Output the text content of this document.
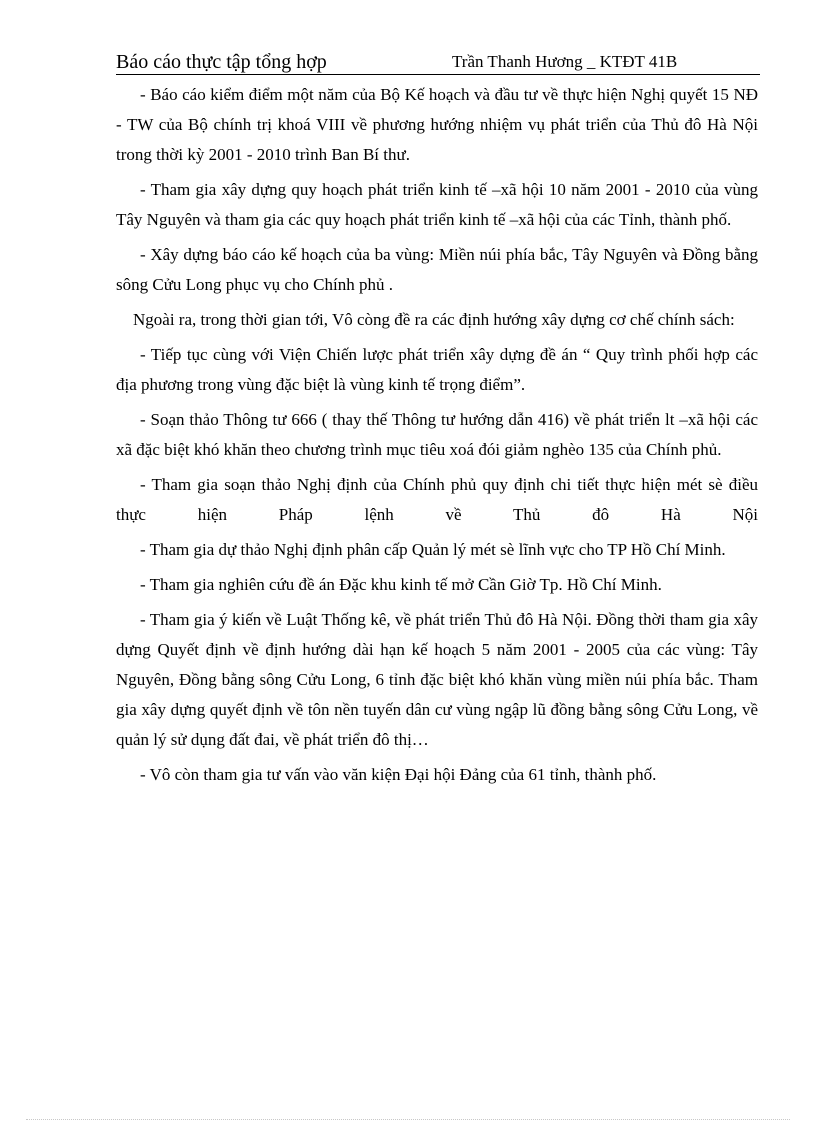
Báo cáo thực tập tổng hợp	Trần Thanh Hương _ KTĐT 41B

- Báo cáo kiểm điểm một năm của Bộ Kế hoạch và đầu tư về thực hiện Nghị quyết 15 NĐ - TW của Bộ chính trị khoá VIII về phương hướng nhiệm vụ phát triển của Thủ đô Hà Nội trong thời kỳ 2001 - 2010 trình Ban Bí thư.

- Tham gia xây dựng quy hoạch phát triển kinh tế –xã hội 10 năm 2001 - 2010 của vùng Tây Nguyên và tham gia các quy hoạch phát triển kinh tế –xã hội của các Tỉnh, thành phố.

- Xây dựng báo cáo kế hoạch của ba vùng: Miền núi phía bắc, Tây Nguyên và Đồng bằng sông Cửu Long phục vụ cho Chính phủ .

Ngoài ra, trong thời gian tới, Vô còng đề ra các định hướng xây dựng cơ chế chính sách:

- Tiếp tục cùng với Viện Chiến lược phát triển xây dựng đề án “ Quy trình phối hợp các địa phương trong vùng đặc biệt là vùng kinh tế trọng điểm”.

- Soạn thảo Thông tư 666 ( thay thế Thông tư hướng dẫn 416) về phát triển lt –xã hội các xã đặc biệt khó khăn theo chương trình mục tiêu xoá đói giảm nghèo 135 của Chính phủ.

- Tham gia soạn thảo Nghị định của Chính phủ quy định chi tiết thực hiện mét sè điều thực hiện Pháp lệnh về Thủ đô Hà Nội

- Tham gia dự thảo Nghị định phân cấp Quản lý mét sè lĩnh vực cho TP Hồ Chí Minh.

- Tham gia nghiên cứu đề án Đặc khu kinh tế mở Cần Giờ Tp. Hồ Chí Minh.

- Tham gia ý kiến về Luật Thống kê, về phát triển Thủ đô Hà Nội. Đồng thời tham gia xây dựng Quyết định về định hướng dài hạn kế hoạch 5 năm 2001 - 2005 của các vùng: Tây Nguyên, Đồng bằng sông Cửu Long, 6 tỉnh đặc biệt khó khăn vùng miền núi phía bắc. Tham gia xây dựng quyết định về tôn nền tuyến dân cư vùng ngập lũ đồng bằng sông Cửu Long, về quản lý sử dụng đất đai, về phát triển đô thị…

- Vô còn tham gia tư vấn vào văn kiện Đại hội Đảng của 61 tỉnh, thành phố.
